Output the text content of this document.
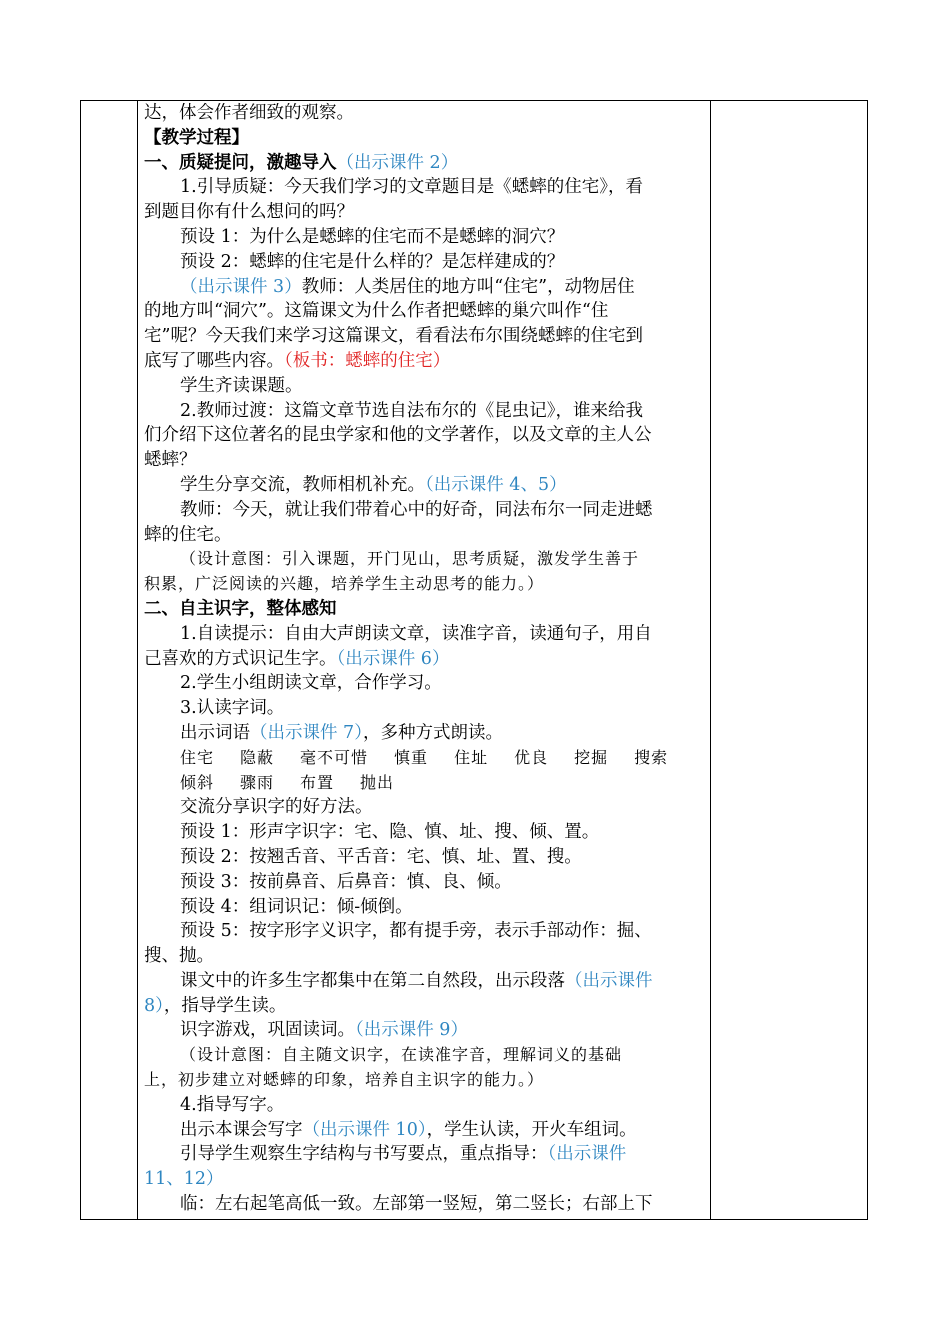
达，体会作者细致的观察。
【教学过程】
一、质疑提问，激趣导入（出示课件 2）
1.引导质疑：今天我们学习的文章题目是《蟋蟀的住宅》，看
到题目你有什么想问的吗？
预设 1：为什么是蟋蟀的住宅而不是蟋蟀的洞穴？
预设 2：蟋蟀的住宅是什么样的？是怎样建成的？
（出示课件 3）教师：人类居住的地方叫“住宅”，动物居住
的地方叫“洞穴”。这篇课文为什么作者把蟋蟀的巢穴叫作“住
宅”呢？今天我们来学习这篇课文，看看法布尔围绕蟋蟀的住宅到
底写了哪些内容。（板书：蟋蟀的住宅）
学生齐读课题。
2.教师过渡：这篇文章节选自法布尔的《昆虫记》，谁来给我
们介绍下这位著名的昆虫学家和他的文学著作，以及文章的主人公
蟋蟀？
学生分享交流，教师相机补充。（出示课件 4、5）
教师：今天，就让我们带着心中的好奇，同法布尔一同走进蟋
蟀的住宅。
（设计意图：引入课题，开门见山，思考质疑，激发学生善于
积累，广泛阅读的兴趣，培养学生主动思考的能力。）
二、自主识字，整体感知
1.自读提示：自由大声朗读文章，读准字音，读通句子，用自
己喜欢的方式识记生字。（出示课件 6）
2.学生小组朗读文章，合作学习。
3.认读字词。
出示词语（出示课件 7），多种方式朗读。
住宅 隐蔽 毫不可惜 慎重 住址 优良 挖掘 搜索
倾斜 骤雨 布置 抛出
交流分享识字的好方法。
预设 1：形声字识字：宅、隐、慎、址、搜、倾、置。
预设 2：按翘舌音、平舌音：宅、慎、址、置、搜。
预设 3：按前鼻音、后鼻音：慎、良、倾。
预设 4：组词识记：倾-倾倒。
预设 5：按字形字义识字，都有提手旁，表示手部动作：掘、
搜、抛。
课文中的许多生字都集中在第二自然段，出示段落（出示课件
8），指导学生读。
识字游戏，巩固读词。（出示课件 9）
（设计意图：自主随文识字，在读准字音，理解词义的基础
上，初步建立对蟋蟀的印象，培养自主识字的能力。）
4.指导写字。
出示本课会写字（出示课件 10），学生认读，开火车组词。
引导学生观察生字结构与书写要点，重点指导：（出示课件
11、12）
临：左右起笔高低一致。左部第一竖短，第二竖长；右部上下
